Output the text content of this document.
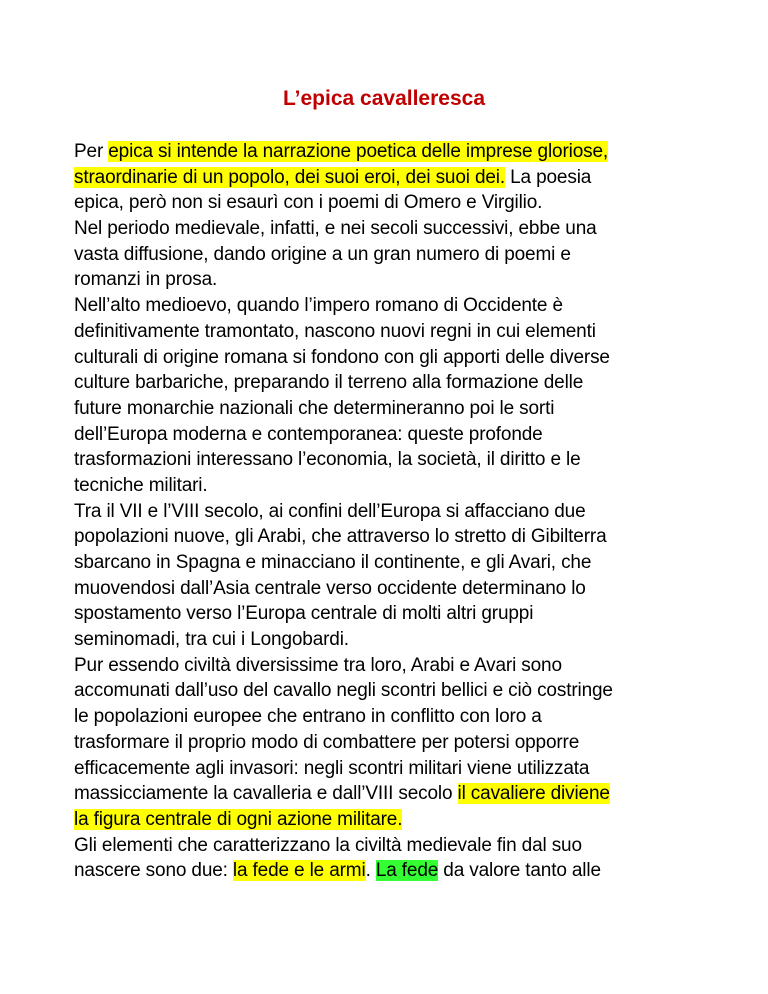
L’epica cavalleresca
Per epica si intende la narrazione poetica delle imprese gloriose,
straordinarie di un popolo, dei suoi eroi, dei suoi dei. La poesia
epica, però non si esaurì con i poemi di Omero e Virgilio.
Nel periodo medievale, infatti, e nei secoli successivi, ebbe una
vasta diffusione, dando origine a un gran numero di poemi e
romanzi in prosa.
Nell’alto medioevo, quando l’impero romano di Occidente è
definitivamente tramontato, nascono nuovi regni in cui elementi
culturali di origine romana si fondono con gli apporti delle diverse
culture barbariche, preparando il terreno alla formazione delle
future monarchie nazionali che determineranno poi le sorti
dell’Europa moderna e contemporanea: queste profonde
trasformazioni interessano l’economia, la società, il diritto e le
tecniche militari.
Tra il VII e l’VIII secolo, ai confini dell’Europa si affacciano due
popolazioni nuove, gli Arabi, che attraverso lo stretto di Gibilterra
sbarcano in Spagna e minacciano il continente, e gli Avari, che
muovendosi dall’Asia centrale verso occidente determinano lo
spostamento verso l’Europa centrale di molti altri gruppi
seminomadi, tra cui i Longobardi.
Pur essendo civiltà diversissime tra loro, Arabi e Avari sono
accomunati dall’uso del cavallo negli scontri bellici e ciò costringe
le popolazioni europee che entrano in conflitto con loro a
trasformare il proprio modo di combattere per potersi opporre
efficacemente agli invasori: negli scontri militari viene utilizzata
massicciamente la cavalleria e dall’VIII secolo il cavaliere diviene
la figura centrale di ogni azione militare.
Gli elementi che caratterizzano la civiltà medievale fin dal suo
nascere sono due: la fede e le armi. La fede da valore tanto alle
